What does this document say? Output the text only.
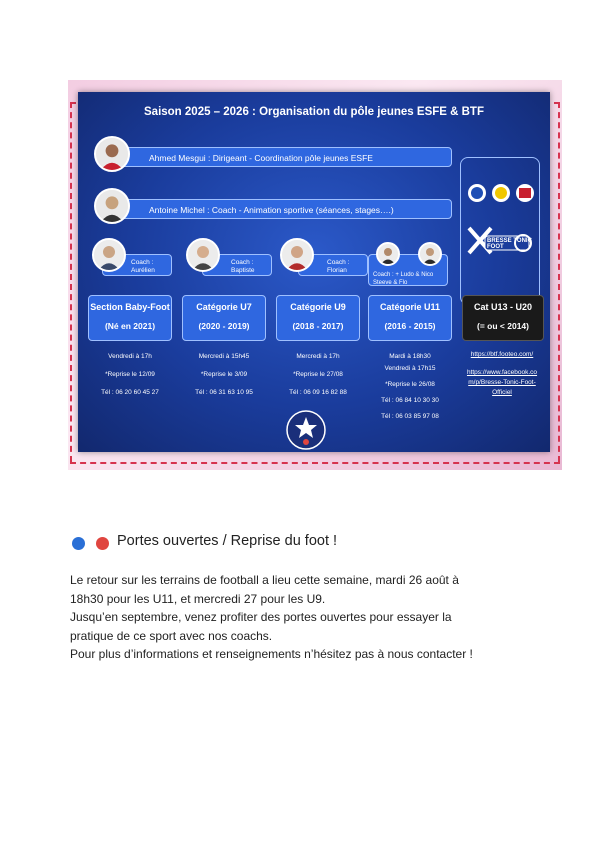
Saison 2025 – 2026 : Organisation du pôle jeunes ESFE & BTF
Ahmed Mesgui : Dirigeant - Coordination pôle jeunes ESFE
Antoine Michel : Coach - Animation sportive (séances, stages….)
Coach :
Aurélien
Coach :
Baptiste
Coach :
Florian
Coach : + Ludo & Nico Steeve & Flo
BRESSE TONIC FOOT
Section Baby-Foot
(Né en 2021)
Catégorie U7
(2020 - 2019)
Catégorie U9
(2018 - 2017)
Catégorie U11
(2016 - 2015)
Cat U13 - U20
(= ou < 2014)
Vendredi à 17h
*Reprise le 12/09
Tél : 06 20 60 45 27
Mercredi à 15h45
*Reprise le 3/09
Tél : 06 31 63 10 95
Mercredi à 17h
*Reprise le 27/08
Tél : 06 09 16 82 88
Mardi à 18h30
Vendredi à 17h15
*Reprise le 26/08
Tél : 06 84 10 30 30
Tél : 06 03 85 97 08
https://btf.footeo.com/
https://www.facebook.com/p/Bresse-Tonic-Foot-Officiel
Portes ouvertes / Reprise du foot !
Le retour sur les terrains de football a lieu cette semaine, mardi 26 août à
18h30 pour les U11, et mercredi 27 pour les U9.
Jusqu’en septembre, venez profiter des portes ouvertes pour essayer la
pratique de ce sport avec nos coachs.
Pour plus d’informations et renseignements n’hésitez pas à nous contacter !
